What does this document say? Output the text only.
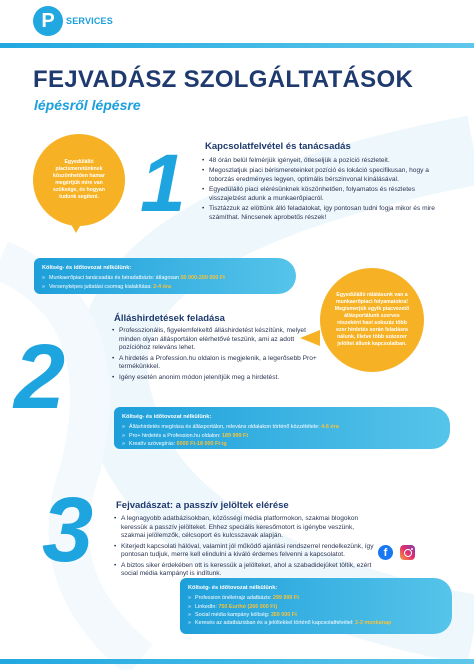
P	SERVICES
FEJVADÁSZ SZOLGÁLTATÁSOK
lépésről lépésre
Egyedülálló piacismeretünknek köszönhetően hamar megértjük mire van szüksége, és hogyan tudunk segíteni. 1 Kapcsolatfelvétel és tanácsadás
• 48 órán belül felmérjük igényeit, ötleseljük a pozíció részleteit.
• Megoszlatjuk piaci bérismereteinket pozíció és lokáció specifikusan, hogy a toborzás eredményes legyen, optimális bérszinvonal kínálásával.
• Egyedülálló piaci elérésünknek köszönhetően, folyamatos és részletes visszajelzést adunk a munkaerőpiacról.
• Tisztázzuk az elöttünk álló feladatokat, így pontosan tudni fogja mikor és mire számíthat. Nincsenek aprobetűs részek!
Költség- és időtovozat nélkülünk:
» Munkaerőpiaci tanácsadás és béradatbázis: átlagosan 50 000-250 000 Ft
» Versenyképes juttatási csomag kialakítása: 2-4 óra
Egyedülálló rálátásunk van a munkaerőpiaci folyamatokra! Megismerjük egyik piacvezető állásportálunk szerves részeként havi sokszáz több ezer hirdetés során feladásra nálunk, illetve több százezer jelöltet állunk kapcsolatban.
2
Álláshirdetések feladása
• Professzionális, figyelemfelkeltő álláshirdetést készítünk, melyet minden olyan állásportálon elérhetővé teszünk, ami az adott pozícióhoz releváns lehet.
• A hirdetés a Profession.hu oldalon is megjelenik, a legerősebb Pro+ termékünkkel.
• Igény esetén anonim módon jelenítjük meg a hirdetést.
Költség- és időtovozat nélkülünk:
» Álláshirdetés megírása és állásportálon, releváns oldalakon történő közzététele: 4-6 óra
» Pro+ hirdetés a Profession.hu oldalon: 189 999 Ft
» Kreatív szövegírás: 6000 Ft-18 000 Ft-ig
3 Fejvadászat: a passzív jelöltek elérése
• A legnagyobb adatbázisokban, közösségi média platformokon, szakmai blogokon keressük a passzív jelölteket. Ehhez speciális keresőmotort is igénybe veszünk, szakmai jelölemzők, célcsoport és kulcsszavak alapján.
• Kiterjedt kapcsolati hálóval, valamint jól működő ajánlási rendszerrel rendelkezünk, így pontosan tudjuk, merre kell elindulni a kiváló érdemes felvenni a kapcsolatot.
• A biztos siker érdekében ott is keressük a jelölteket, ahol a szabadidejüket töltik, ezért social média kampányt is indítunk.
f
Költség- és időtovozat nélkülünk:
» Profession önéletrajz adatbázis: 299 999 Ft
» LinkedIn: 750 Eur/hó (266 000 Ft)
» Social média kampány költség: 350 000 Ft
» Keresés az adatbázisban és a jelöltekkel történő kapcsolatfelvétel: 2-3 munkanap
